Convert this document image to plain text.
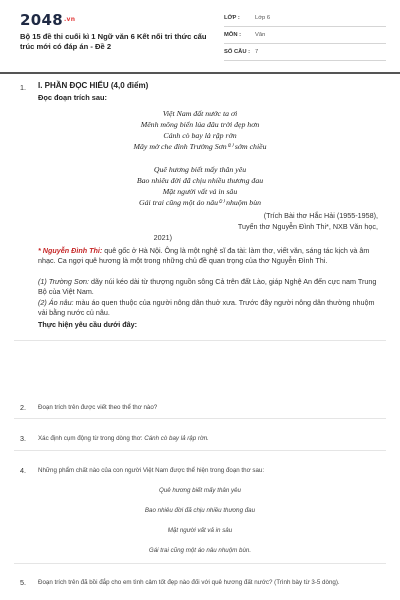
$2048^{.vn}$
Bộ 15 đề thi cuối kì 1 Ngữ văn 6 Kết nối tri thức cấu trúc mới có đáp án - Đề 2
LỚP :	Lớp 6
MÔN :	Văn
SỐ CÂU : 7
1. I. PHẦN ĐỌC HIỂU (4,0 điểm)
Đọc đoạn trích sau:
Việt Nam đất nước ta ơi
Mênh mông biển lúa đâu trời đẹp hơn
Cánh cò bay lả rập rờn
Mây mờ che đỉnh Trường Sơn⁽¹⁾ sớm chiều
Quê hương biết mấy thân yêu
Bao nhiêu đời đã chịu nhiều thương đau
Mặt người vất vả in sâu
Gái trai cũng một áo nâu⁽²⁾ nhuộm bùn
(Trích Bài thơ Hắc Hải (1955-1958),
Tuyển thơ Nguyễn Đình Thi*, NXB Văn học,
2021)
* Nguyễn Đình Thi: quê gốc ở Hà Nội. Ông là một nghệ sĩ đa tài: làm thơ, viết văn, sáng tác kịch và âm nhạc. Ca ngợi quê hương là một trong những chủ đề quan trọng của thơ Nguyễn Đình Thi.
(1) Trường Sơn: dãy núi kéo dài từ thượng nguồn sông Cả trên đất Lào, giáp Nghệ An đến cực nam Trung Bộ của Việt Nam.
(2) Áo nâu: màu áo quen thuộc của người nông dân thuở xưa. Trước đây người nông dân thường nhuộm vải bằng nước củ nâu.
Thực hiện yêu cầu dưới đây:
2. Đoạn trích trên được viết theo thể thơ nào?
3. Xác định cụm động từ trong dòng thơ: Cánh cò bay lả rập rờn.
4. Những phẩm chất nào của con người Việt Nam được thể hiện trong đoạn thơ sau:
Quê hương biết mấy thân yêu
Bao nhiêu đời đã chịu nhiều thương đau
Mặt người vất vả in sâu
Gái trai cũng một áo nâu nhuộm bùn.
5. Đoạn trích trên đã bồi đắp cho em tình cảm tốt đẹp nào đối với quê hương đất nước? (Trình bày từ 3-5 dòng).
